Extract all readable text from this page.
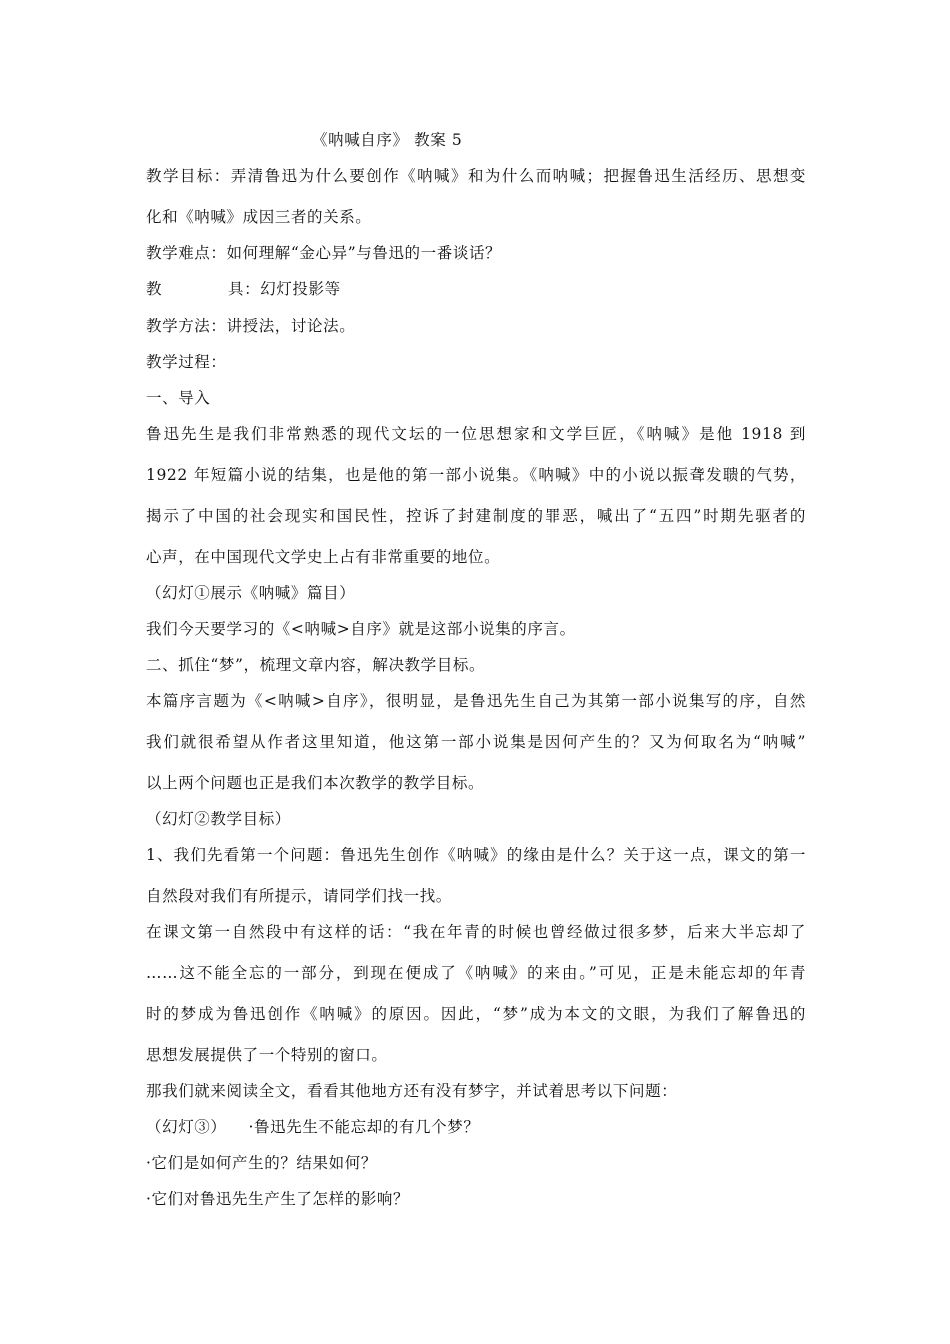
《呐喊自序》 教案 5
教学目标：弄清鲁迅为什么要创作《呐喊》和为什么而呐喊；把握鲁迅生活经历、思想变
化和《呐喊》成因三者的关系。
教学难点：如何理解“金心异”与鲁迅的一番谈话？
教	具：幻灯投影等
教学方法：讲授法，讨论法。
教学过程：
一、导入
鲁迅先生是我们非常熟悉的现代文坛的一位思想家和文学巨匠，《呐喊》是他 1918 到
1922 年短篇小说的结集，也是他的第一部小说集。《呐喊》中的小说以振聋发聩的气势，
揭示了中国的社会现实和国民性，控诉了封建制度的罪恶，喊出了“五四”时期先驱者的
心声，在中国现代文学史上占有非常重要的地位。
（幻灯①展示《呐喊》篇目）
我们今天要学习的《<呐喊>自序》就是这部小说集的序言。
二、抓住“梦”，梳理文章内容，解决教学目标。
本篇序言题为《<呐喊>自序》，很明显，是鲁迅先生自己为其第一部小说集写的序，自然
我们就很希望从作者这里知道，他这第一部小说集是因何产生的？又为何取名为“呐喊”
以上两个问题也正是我们本次教学的教学目标。
（幻灯②教学目标）
1、我们先看第一个问题：鲁迅先生创作《呐喊》的缘由是什么？关于这一点，课文的第一
自然段对我们有所提示，请同学们找一找。
在课文第一自然段中有这样的话：“我在年青的时候也曾经做过很多梦，后来大半忘却了
……这不能全忘的一部分，到现在便成了《呐喊》的来由。”可见，正是未能忘却的年青
时的梦成为鲁迅创作《呐喊》的原因。因此，“梦”成为本文的文眼，为我们了解鲁迅的
思想发展提供了一个特别的窗口。
那我们就来阅读全文，看看其他地方还有没有梦字，并试着思考以下问题：
（幻灯③） ·鲁迅先生不能忘却的有几个梦？
·它们是如何产生的？结果如何？
·它们对鲁迅先生产生了怎样的影响？
